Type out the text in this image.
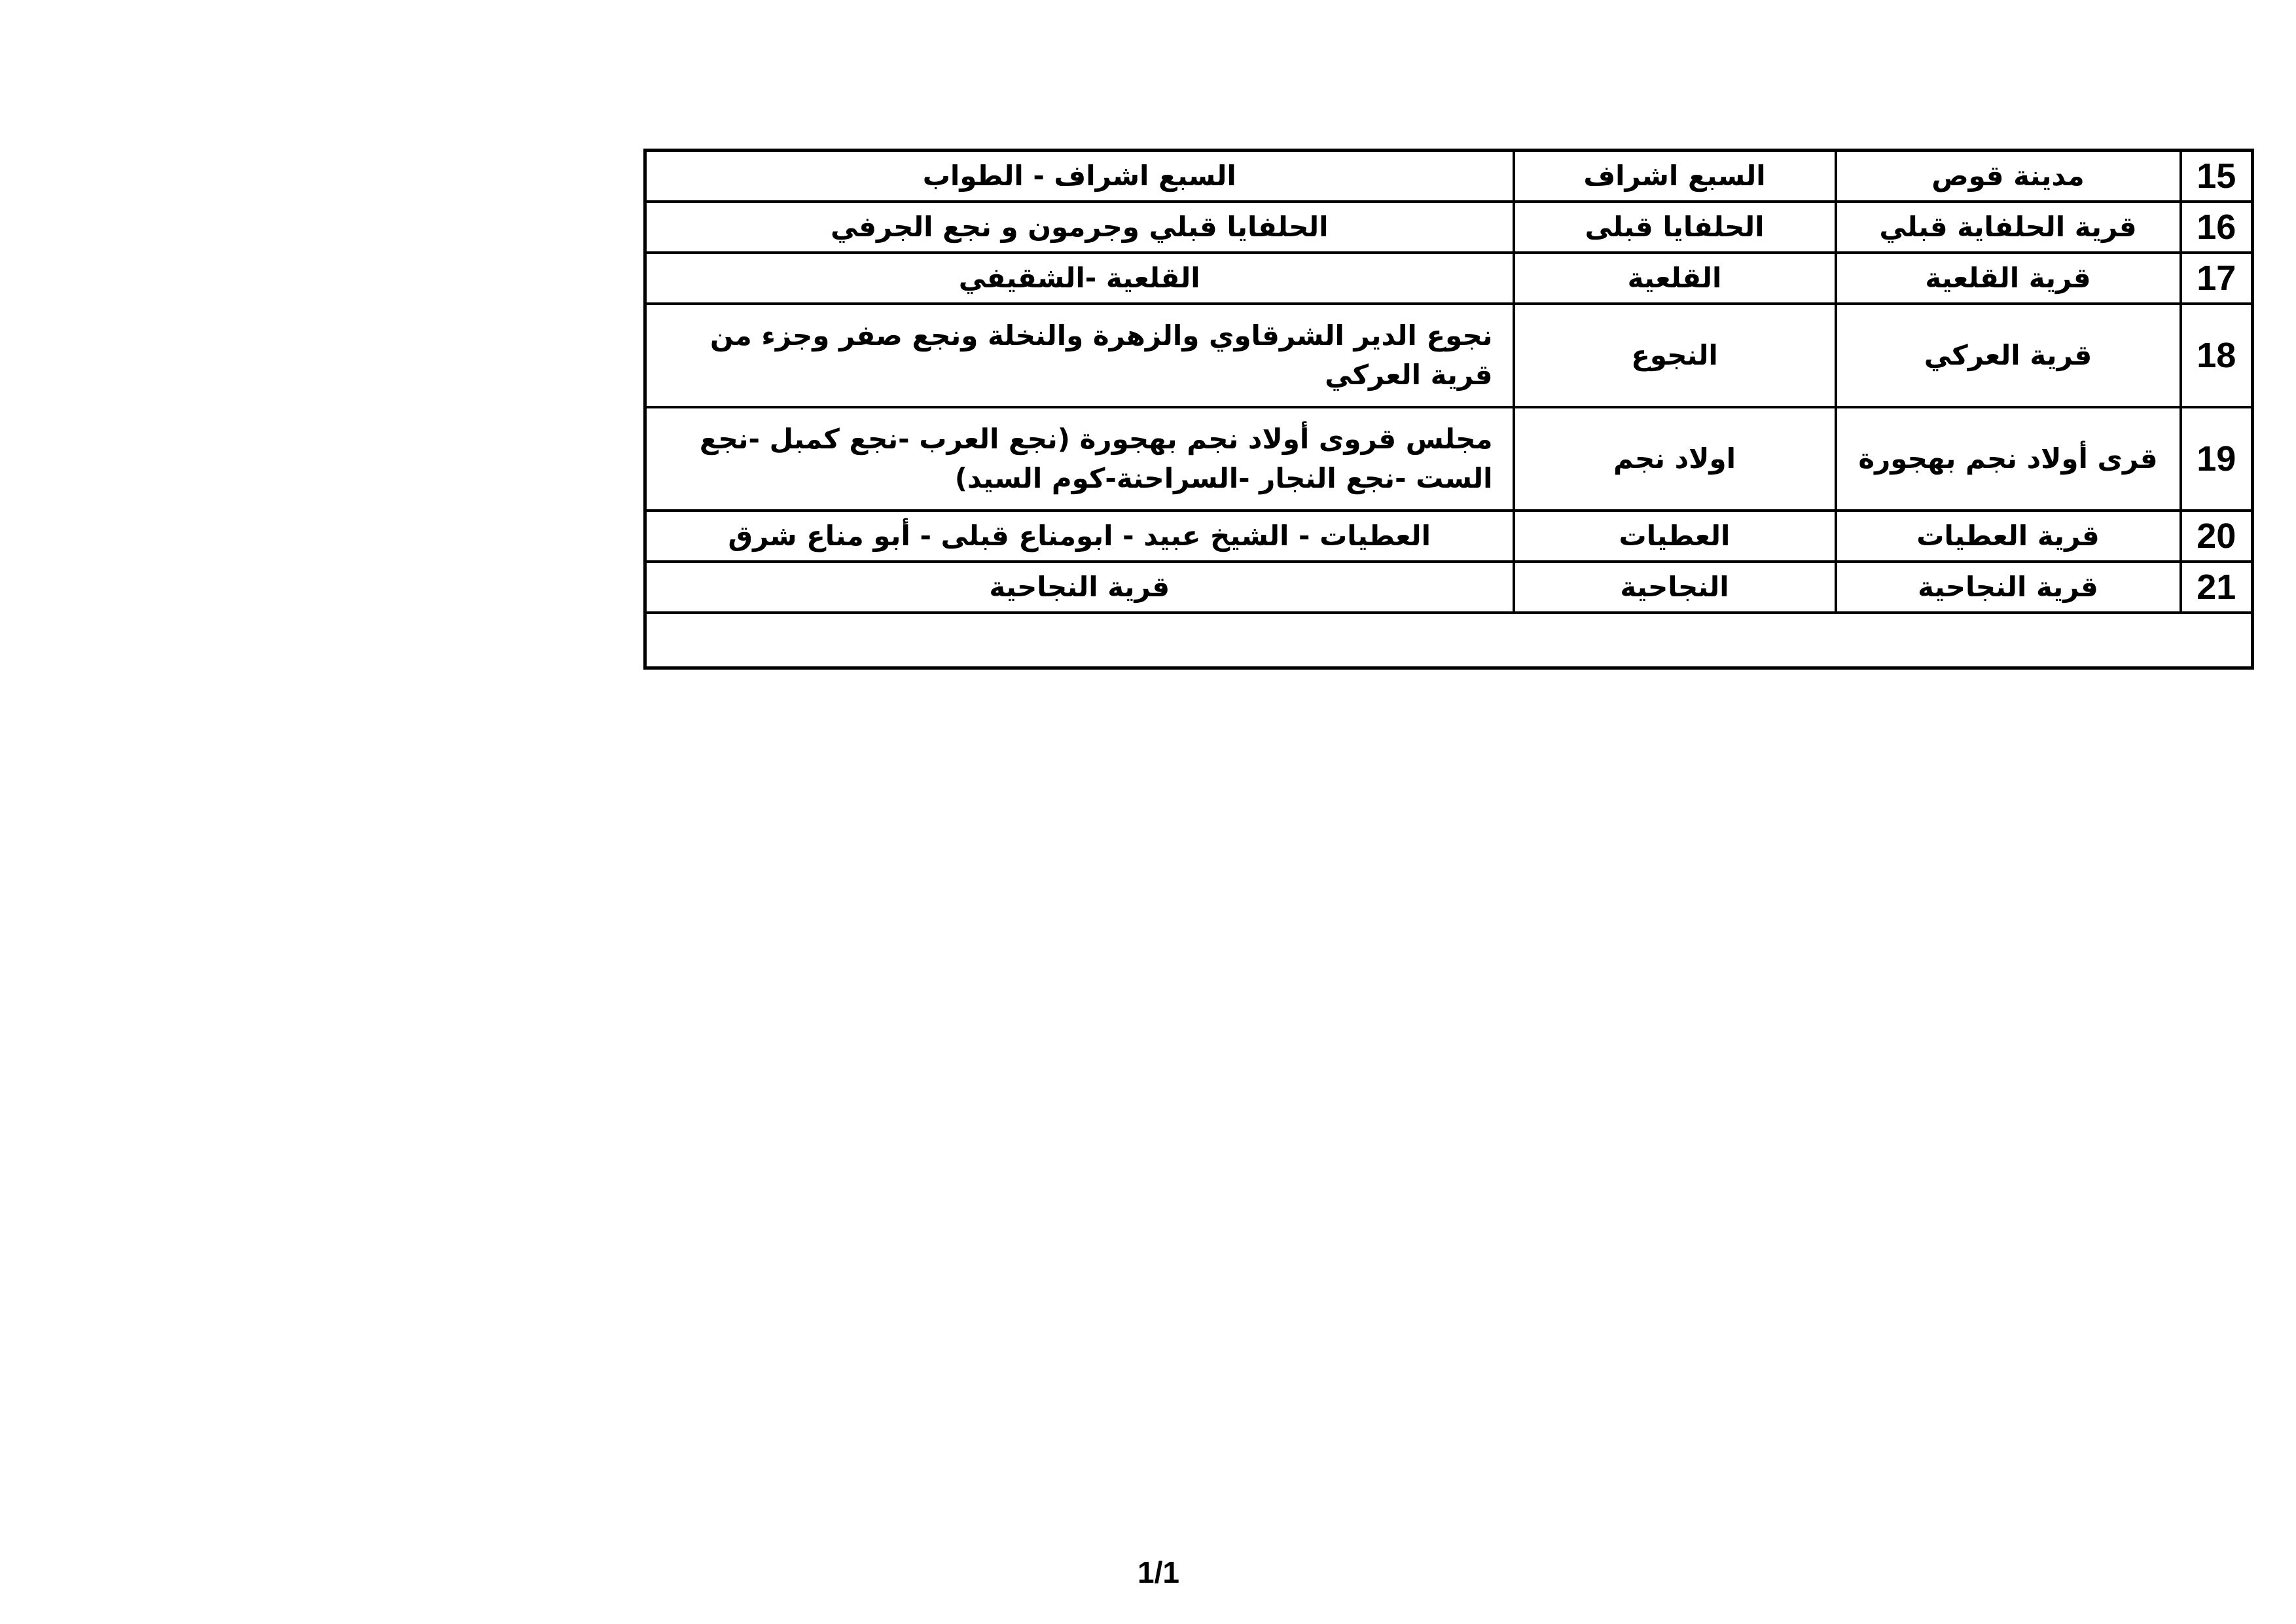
السبع اشراف - الطواب	السبع اشراف	مدينة قوص	15
الحلفايا قبلي وجرمون و نجع الجرفي	الحلفايا قبلى	قرية الحلفاية قبلي	16
القلعية -الشقيفي	القلعية	قرية القلعية	17
نجوع الدير الشرقاوي والزهرة والنخلة ونجع صفر وجزء من قرية العركي	النجوع	قرية العركي	18
مجلس قروى أولاد نجم بهجورة (نجع العرب -نجع كمبل -نجع الست -نجع النجار -السراحنة-كوم السيد)	اولاد نجم	قرى أولاد نجم بهجورة	19
العطيات - الشيخ عبيد - ابومناع قبلى - أبو مناع شرق	العطيات	قرية العطيات	20
قرية النجاحية	النجاحية	قرية النجاحية	21

1/1
